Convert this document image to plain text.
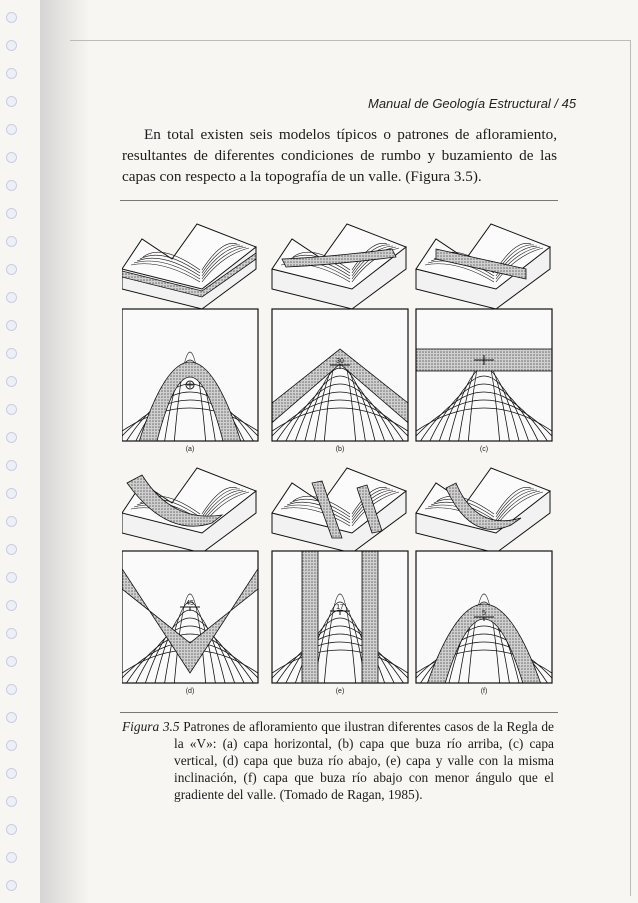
Manual de Geología Estructural / 45

En total existen seis modelos típicos o patrones de afloramiento, resultantes de diferentes condiciones de rumbo y buzamiento de las capas con respecto a la topografía de un valle. (Figura 3.5).

(a)	(b)	(c)
(d)	(e)	(f)
30
45
17
5
Figura 3.5 Patrones de afloramiento que ilustran diferentes casos de la Regla de la «V»: (a) capa horizontal, (b) capa que buza río arriba, (c) capa vertical, (d) capa que buza río abajo, (e) capa y valle con la misma inclinación, (f) capa que buza río abajo con menor ángulo que el gradiente del valle. (Tomado de Ragan, 1985).
